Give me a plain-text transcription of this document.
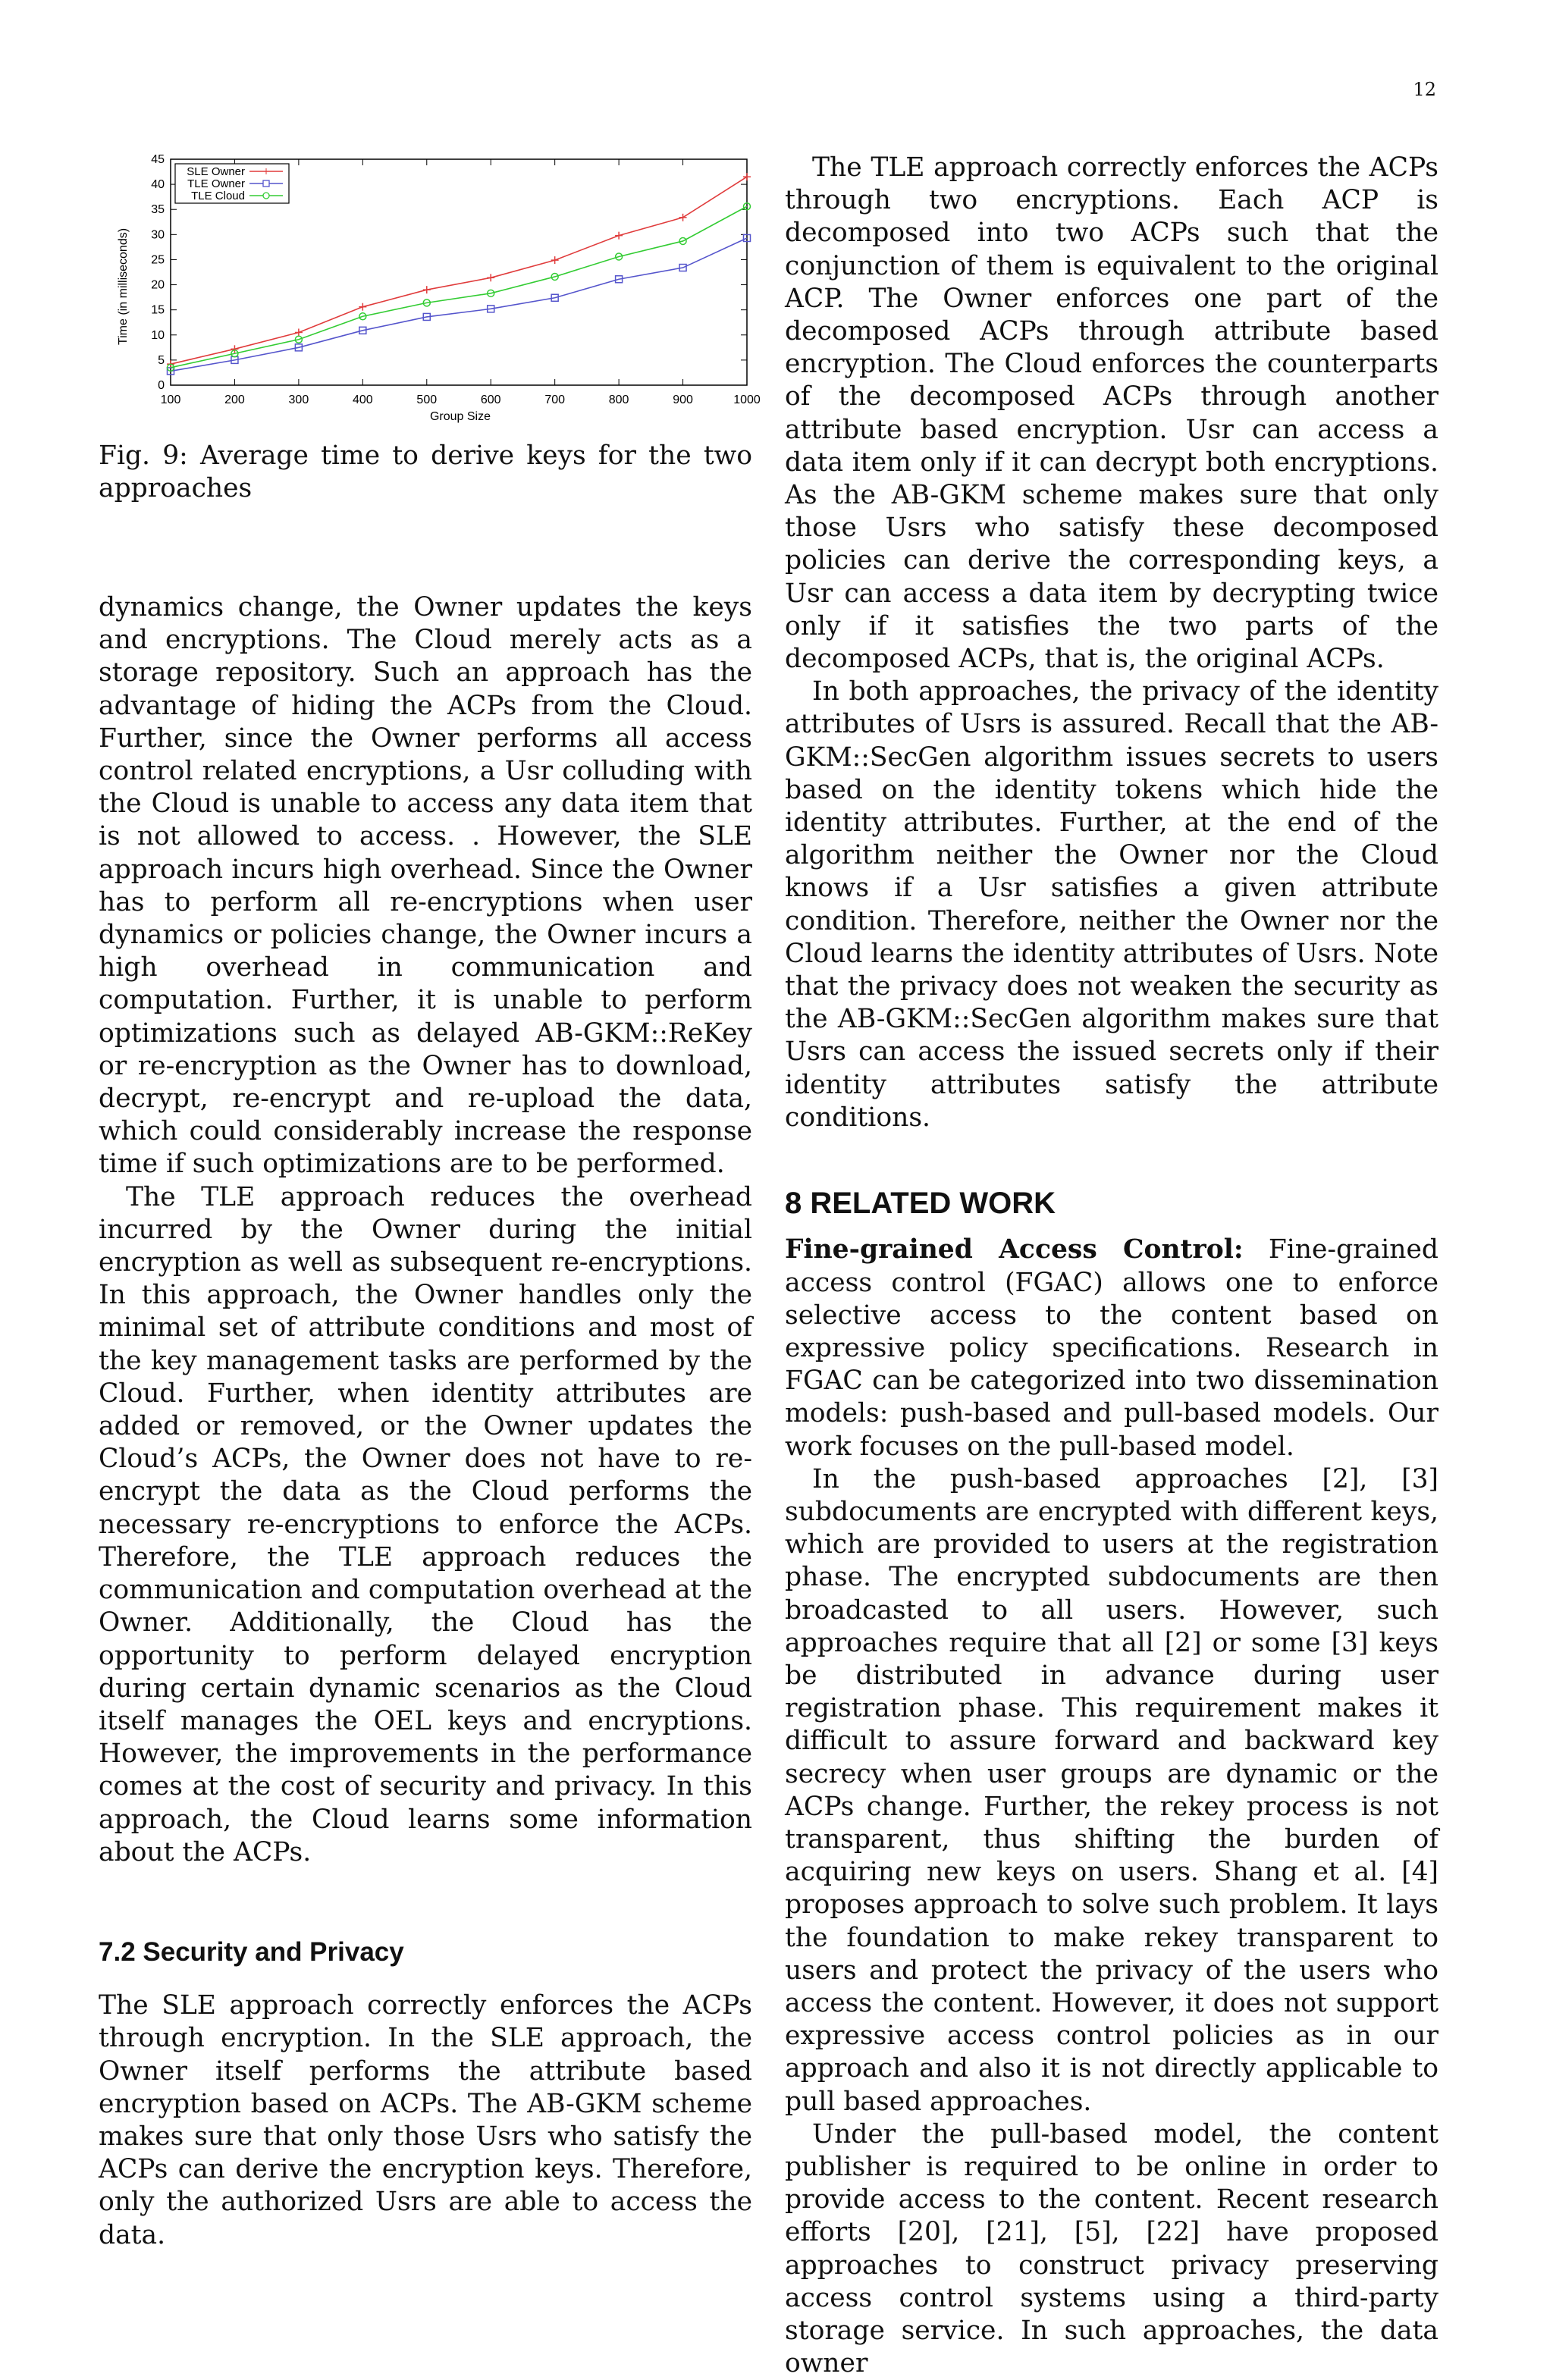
12
100	200	300	400	500	600	700	800	900	1000
0
5
10
15
20
25
30
35
40
45
SLE Owner
TLE Owner
TLE Cloud
Group Size
Time (in milliseconds)
Fig. 9: Average time to derive keys for the two approaches

dynamics change, the Owner updates the keys and encryptions. The Cloud merely acts as a storage repository. Such an approach has the advantage of hiding the ACPs from the Cloud. Further, since the Owner performs all access control related encryptions, a Usr colluding with the Cloud is unable to access any data item that is not allowed to access. . However, the SLE approach incurs high overhead. Since the Owner has to perform all re-encryptions when user dynamics or policies change, the Owner incurs a high overhead in communication and computation. Further, it is unable to perform optimizations such as delayed AB-GKM::ReKey or re-encryption as the Owner has to download, decrypt, re-encrypt and re-upload the data, which could considerably increase the response time if such optimizations are to be performed.

The TLE approach reduces the overhead incurred by the Owner during the initial encryption as well as subsequent re-encryptions. In this approach, the Owner handles only the minimal set of attribute conditions and most of the key management tasks are performed by the Cloud. Further, when identity attributes are added or removed, or the Owner updates the Cloud’s ACPs, the Owner does not have to re-encrypt the data as the Cloud performs the necessary re-encryptions to enforce the ACPs. Therefore, the TLE approach reduces the communication and computation overhead at the Owner. Additionally, the Cloud has the opportunity to perform delayed encryption during certain dynamic scenarios as the Cloud itself manages the OEL keys and encryptions. However, the improvements in the performance comes at the cost of security and privacy. In this approach, the Cloud learns some information about the ACPs.

7.2 Security and Privacy

The SLE approach correctly enforces the ACPs through encryption. In the SLE approach, the Owner itself performs the attribute based encryption based on ACPs. The AB-GKM scheme makes sure that only those Usrs who satisfy the ACPs can derive the encryption keys. Therefore, only the authorized Usrs are able to access the data.

The TLE approach correctly enforces the ACPs through two encryptions. Each ACP is decomposed into two ACPs such that the conjunction of them is equivalent to the original ACP. The Owner enforces one part of the decomposed ACPs through attribute based encryption. The Cloud enforces the counterparts of the decomposed ACPs through another attribute based encryption. Usr can access a data item only if it can decrypt both encryptions. As the AB-GKM scheme makes sure that only those Usrs who satisfy these decomposed policies can derive the corresponding keys, a Usr can access a data item by decrypting twice only if it satisfies the two parts of the decomposed ACPs, that is, the original ACPs.

In both approaches, the privacy of the identity attributes of Usrs is assured. Recall that the AB-GKM::SecGen algorithm issues secrets to users based on the identity tokens which hide the identity attributes. Further, at the end of the algorithm neither the Owner nor the Cloud knows if a Usr satisfies a given attribute condition. Therefore, neither the Owner nor the Cloud learns the identity attributes of Usrs. Note that the privacy does not weaken the security as the AB-GKM::SecGen algorithm makes sure that Usrs can access the issued secrets only if their identity attributes satisfy the attribute conditions.

8 RELATED WORK

Fine-grained Access Control: Fine-grained access control (FGAC) allows one to enforce selective access to the content based on expressive policy specifications. Research in FGAC can be categorized into two dissemination models: push-based and pull-based models. Our work focuses on the pull-based model.

In the push-based approaches [2], [3] subdocuments are encrypted with different keys, which are provided to users at the registration phase. The encrypted subdocuments are then broadcasted to all users. However, such approaches require that all [2] or some [3] keys be distributed in advance during user registration phase. This requirement makes it difficult to assure forward and backward key secrecy when user groups are dynamic or the ACPs change. Further, the rekey process is not transparent, thus shifting the burden of acquiring new keys on users. Shang et al. [4] proposes approach to solve such problem. It lays the foundation to make rekey transparent to users and protect the privacy of the users who access the content. However, it does not support expressive access control policies as in our approach and also it is not directly applicable to pull based approaches.

Under the pull-based model, the content publisher is required to be online in order to provide access to the content. Recent research efforts [20], [21], [5], [22] have proposed approaches to construct privacy preserving access control systems using a third-party storage service. In such approaches, the data owner
